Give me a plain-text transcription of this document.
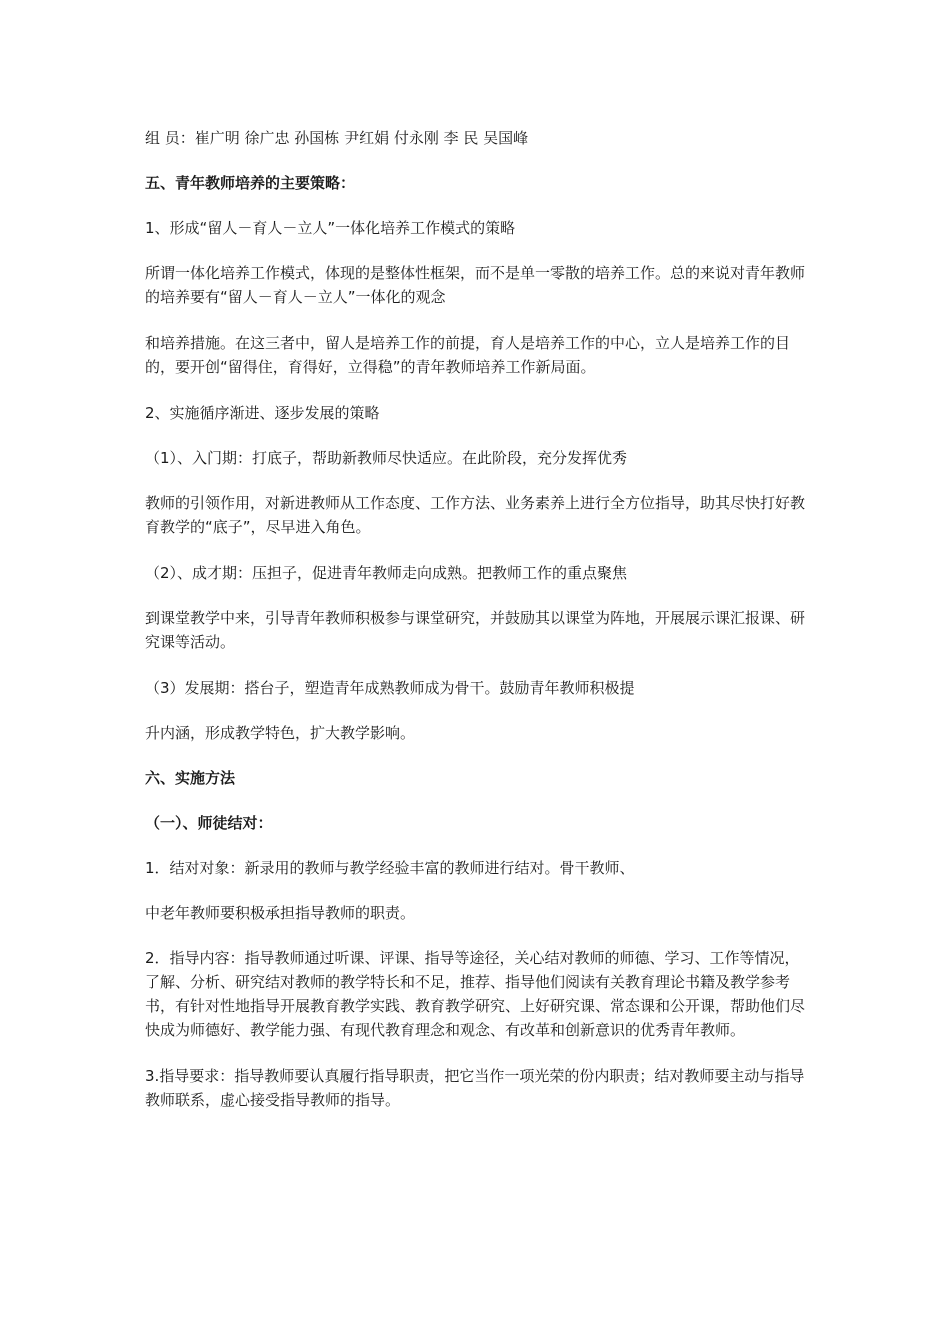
组 员：崔广明 徐广忠 孙国栋 尹红娟 付永刚 李 民 吴国峰

五、青年教师培养的主要策略：

1、形成“留人－育人－立人”一体化培养工作模式的策略

所谓一体化培养工作模式，体现的是整体性框架，而不是单一零散的培养工作。总的来说对青年教师的培养要有“留人－育人－立人”一体化的观念

和培养措施。在这三者中，留人是培养工作的前提，育人是培养工作的中心，立人是培养工作的目的，要开创“留得住，育得好，立得稳”的青年教师培养工作新局面。

2、实施循序渐进、逐步发展的策略

（1）、入门期：打底子，帮助新教师尽快适应。在此阶段，充分发挥优秀

教师的引领作用，对新进教师从工作态度、工作方法、业务素养上进行全方位指导，助其尽快打好教育教学的“底子”，尽早进入角色。

（2）、成才期：压担子，促进青年教师走向成熟。把教师工作的重点聚焦

到课堂教学中来，引导青年教师积极参与课堂研究，并鼓励其以课堂为阵地，开展展示课汇报课、研究课等活动。

（3）发展期：搭台子，塑造青年成熟教师成为骨干。鼓励青年教师积极提

升内涵，形成教学特色，扩大教学影响。

六、实施方法

（一）、师徒结对：

1．结对对象：新录用的教师与教学经验丰富的教师进行结对。骨干教师、

中老年教师要积极承担指导教师的职责。

2．指导内容：指导教师通过听课、评课、指导等途径，关心结对教师的师德、学习、工作等情况，了解、分析、研究结对教师的教学特长和不足，推荐、指导他们阅读有关教育理论书籍及教学参考书，有针对性地指导开展教育教学实践、教育教学研究、上好研究课、常态课和公开课，帮助他们尽快成为师德好、教学能力强、有现代教育理念和观念、有改革和创新意识的优秀青年教师。

3.指导要求：指导教师要认真履行指导职责，把它当作一项光荣的份内职责；结对教师要主动与指导教师联系，虚心接受指导教师的指导。
